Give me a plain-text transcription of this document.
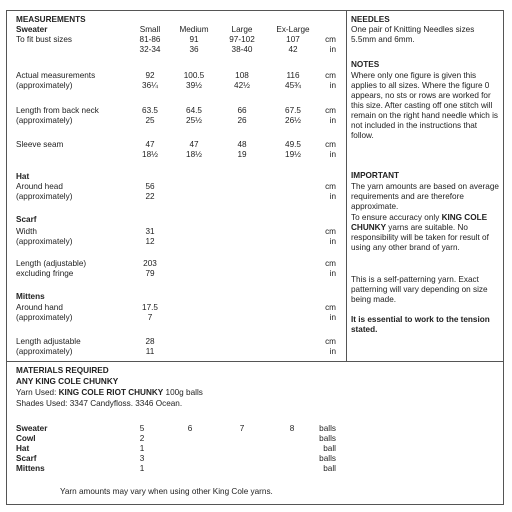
MEASUREMENTS
Sweater	Small	Medium	Large	Ex-Large
To fit bust sizes	81-86	91	97-102	107	cm
32-34	36	38-40	42	in
Actual measurements	92	100.5	108	116	cm
(approximately)	36¼	39½	42½	45¾	in
Length from back neck	63.5	64.5	66	67.5	cm
(approximately)	25	25½	26	26½	in
Sleeve seam	47	47	48	49.5	cm
18½	18½	19	19½	in
Hat
Around head	56	cm
(approximately)	22	in
Scarf
Width	31	cm
(approximately)	12	in
Length (adjustable)	203	cm
excluding fringe	79	in
Mittens
Around hand	17.5	cm
(approximately)	7	in
Length adjustable	28	cm
(approximately)	11	in
NEEDLES
One pair of Knitting Needles sizes 5.5mm and 6mm.
NOTES
Where only one figure is given this applies to all sizes. Where the figure 0 appears, no sts or rows are worked for this size. After casting off one stitch will remain on the right hand needle which is not included in the instructions that follow.
IMPORTANT
The yarn amounts are based on average requirements and are therefore approximate.
To ensure accuracy only KING COLE CHUNKY yarns are suitable. No responsibility will be taken for result of using any other brand of yarn.
This is a self-patterning yarn. Exact patterning will vary depending on size being made.
It is essential to work to the tension stated.
MATERIALS REQUIRED
ANY KING COLE CHUNKY
Yarn Used: KING COLE RIOT CHUNKY 100g balls
Shades Used: 3347 Candyfloss. 3346 Ocean.
Sweater	5	6	7	8	balls
Cowl	2	balls
Hat	1	ball
Scarf	3	balls
Mittens	1	ball
Yarn amounts may vary when using other King Cole yarns.
